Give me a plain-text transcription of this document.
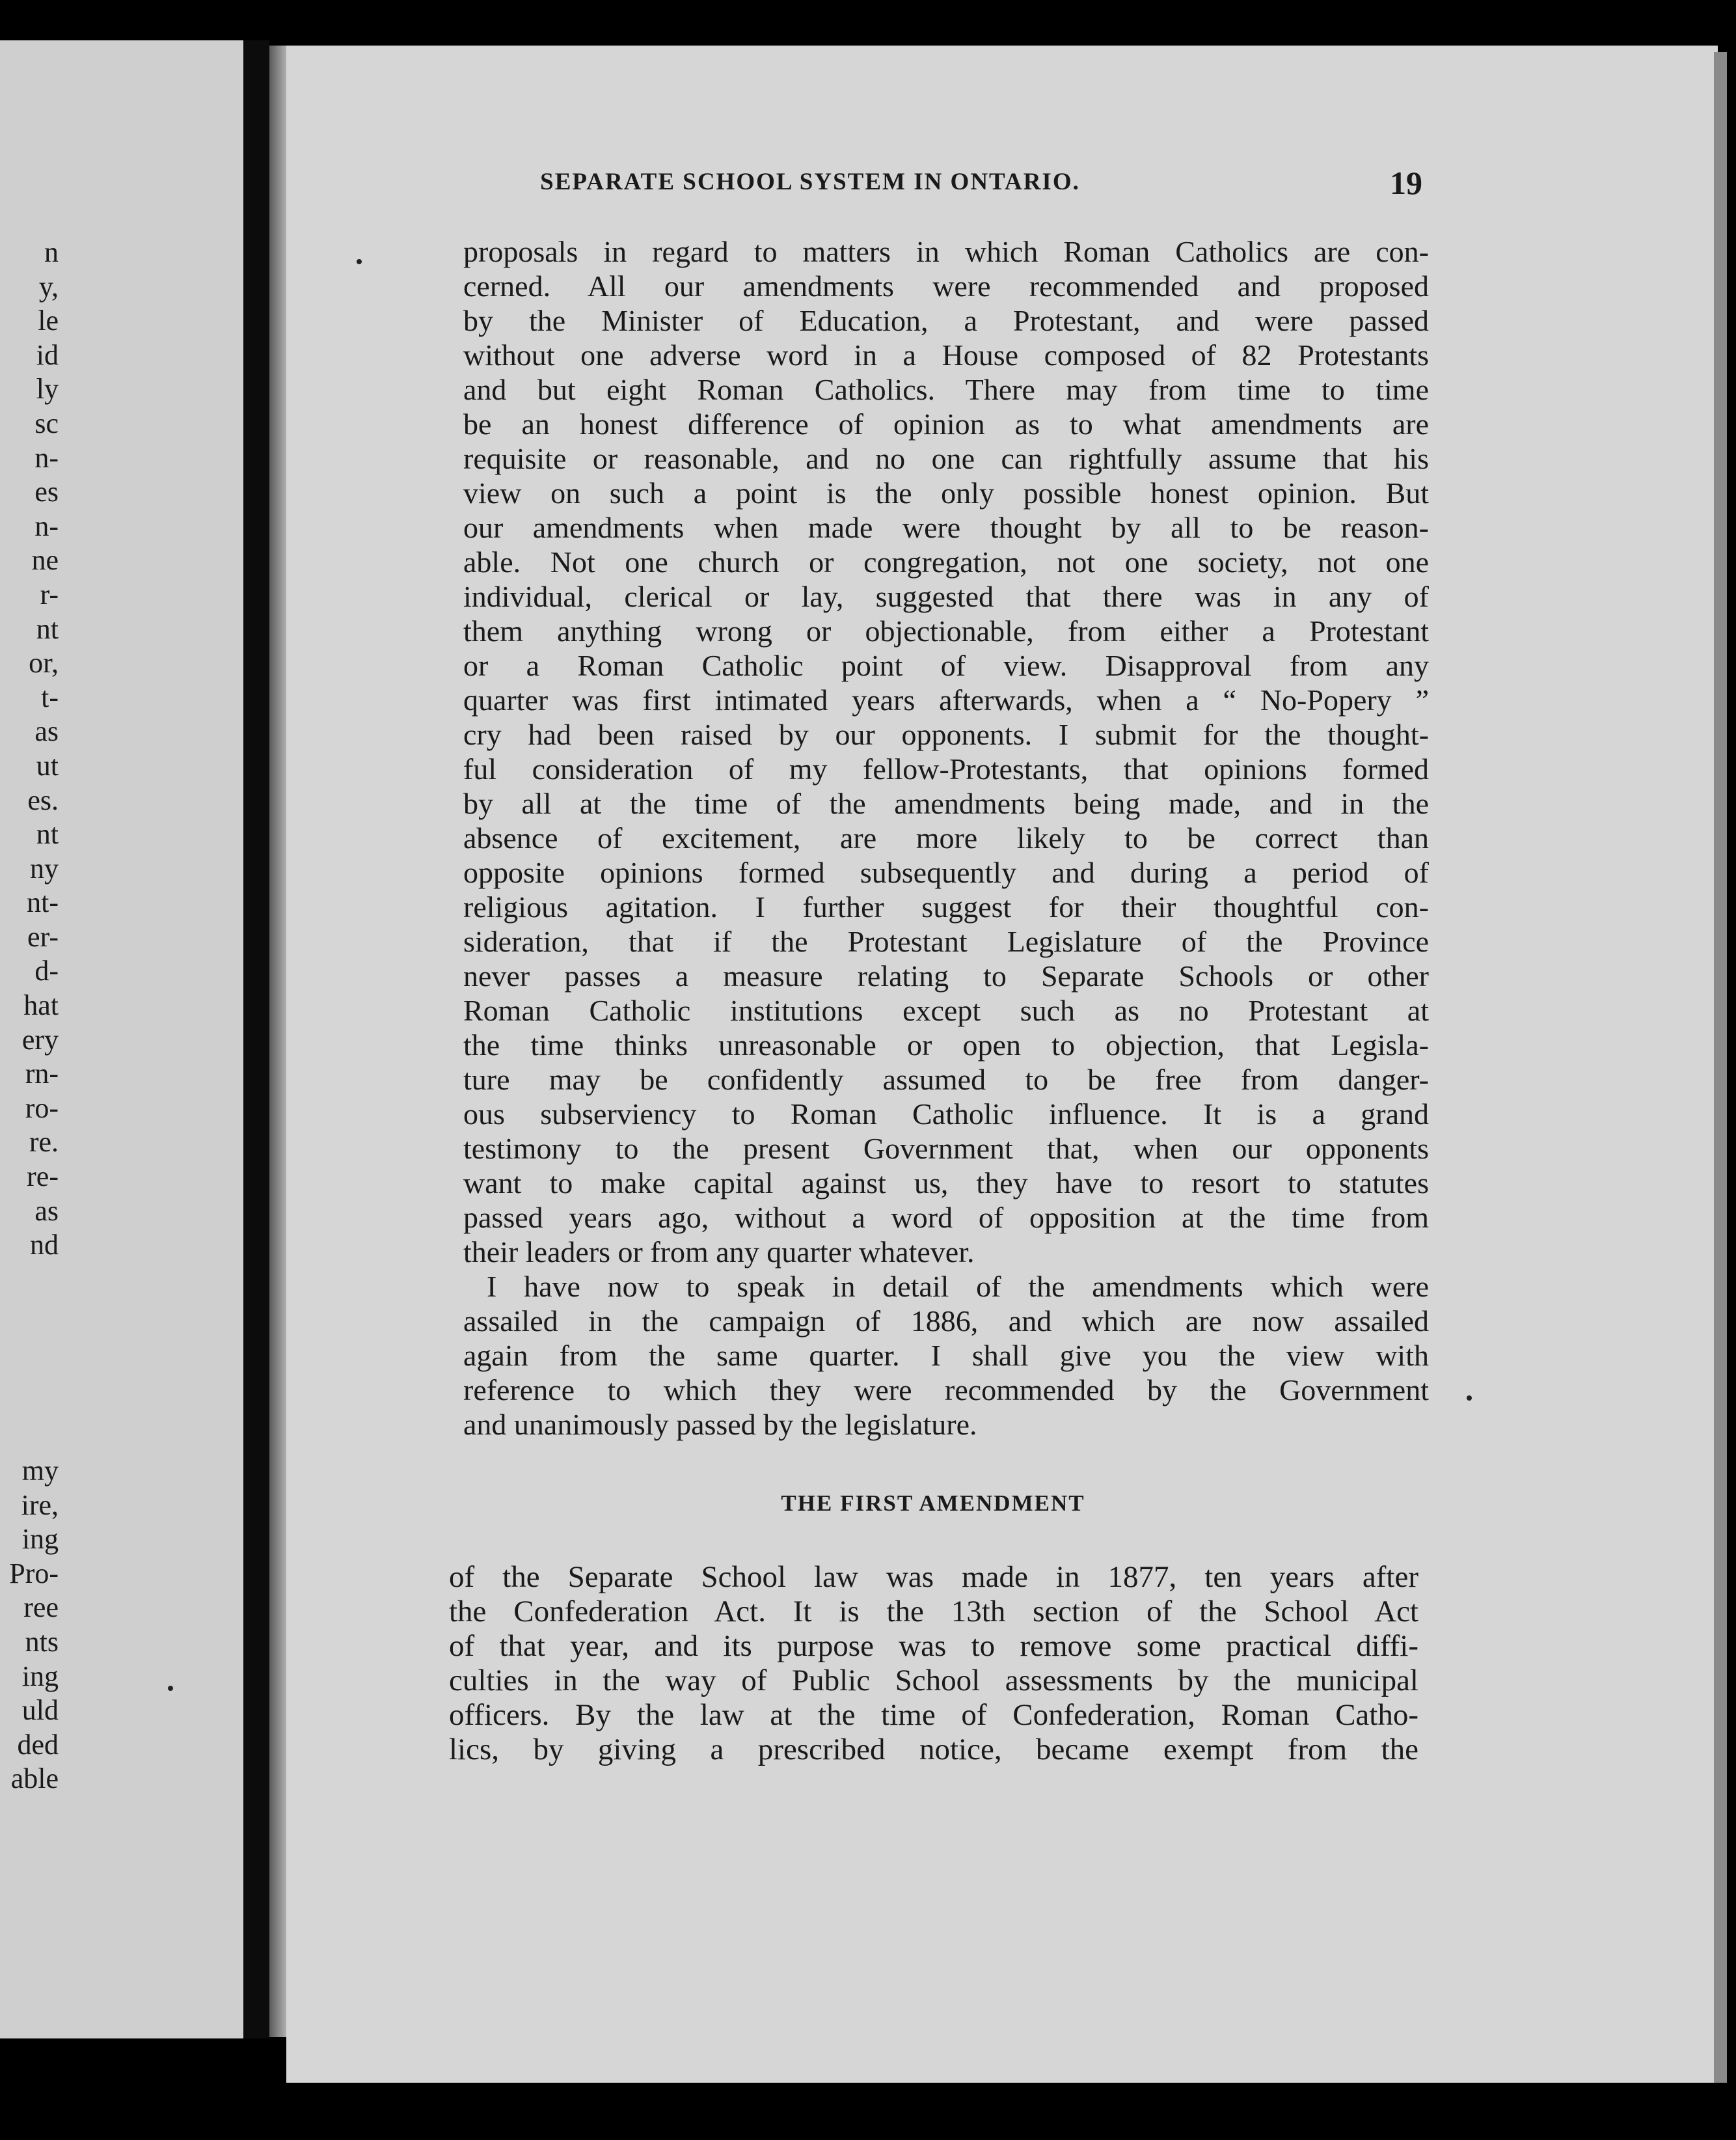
n
y,
le
id
ly
sc
n-
es
n-
ne
r-
nt
or,
t-
as
ut
es.
nt
ny
nt-
er-
d-
hat
ery
rn-
ro-
re.
re-
as
nd
my
ire,
ing
Pro-
ree
nts
ing
uld
ded
able
SEPARATE SCHOOL SYSTEM IN ONTARIO.	19
proposals in regard to matters in which Roman Catholics are con-
cerned. All our amendments were recommended and proposed
by the Minister of Education, a Protestant, and were passed
without one adverse word in a House composed of 82 Protestants
and but eight Roman Catholics. There may from time to time
be an honest difference of opinion as to what amendments are
requisite or reasonable, and no one can rightfully assume that his
view on such a point is the only possible honest opinion. But
our amendments when made were thought by all to be reason-
able. Not one church or congregation, not one society, not one
individual, clerical or lay, suggested that there was in any of
them anything wrong or objectionable, from either a Protestant
or a Roman Catholic point of view. Disapproval from any
quarter was first intimated years afterwards, when a “ No-Popery ”
cry had been raised by our opponents. I submit for the thought-
ful consideration of my fellow-Protestants, that opinions formed
by all at the time of the amendments being made, and in the
absence of excitement, are more likely to be correct than
opposite opinions formed subsequently and during a period of
religious agitation. I further suggest for their thoughtful con-
sideration, that if the Protestant Legislature of the Province
never passes a measure relating to Separate Schools or other
Roman Catholic institutions except such as no Protestant at
the time thinks unreasonable or open to objection, that Legisla-
ture may be confidently assumed to be free from danger-
ous subserviency to Roman Catholic influence. It is a grand
testimony to the present Government that, when our opponents
want to make capital against us, they have to resort to statutes
passed years ago, without a word of opposition at the time from
their leaders or from any quarter whatever.
I have now to speak in detail of the amendments which were
assailed in the campaign of 1886, and which are now assailed
again from the same quarter. I shall give you the view with
reference to which they were recommended by the Government
and unanimously passed by the legislature.
THE FIRST AMENDMENT
of the Separate School law was made in 1877, ten years after
the Confederation Act. It is the 13th section of the School Act
of that year, and its purpose was to remove some practical diffi-
culties in the way of Public School assessments by the municipal
officers. By the law at the time of Confederation, Roman Catho-
lics, by giving a prescribed notice, became exempt from the
